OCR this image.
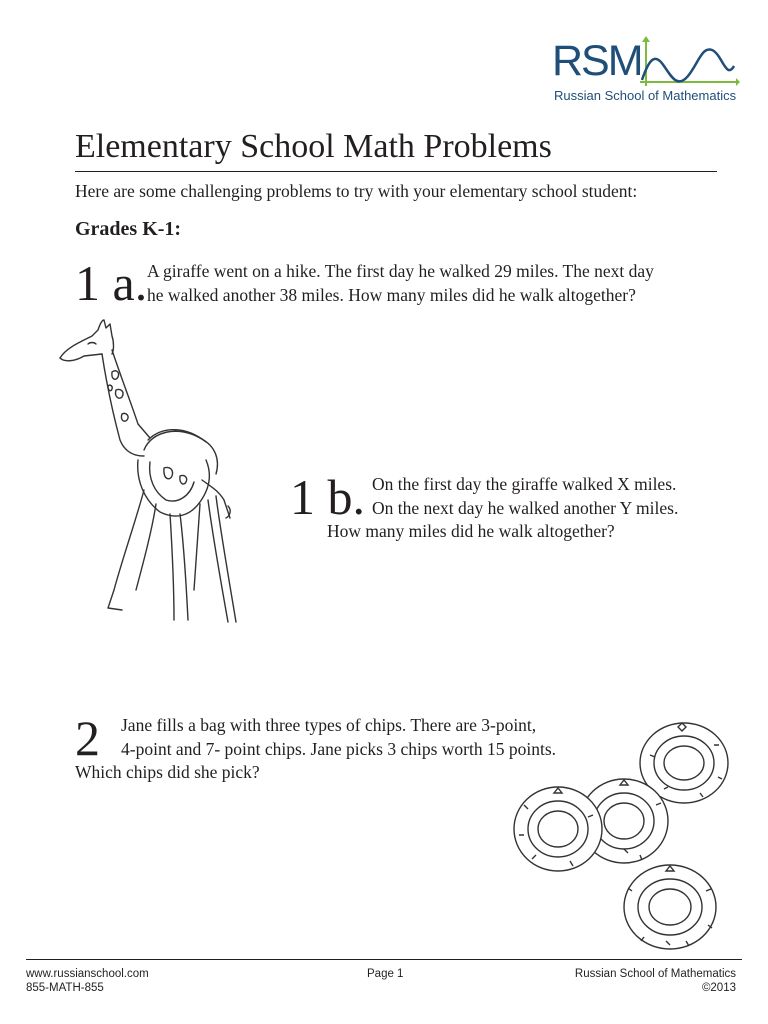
RSM
Russian School of Mathematics
Elementary School Math Problems
Here are some challenging problems to try with your elementary school student:
Grades K-1:
1 a. A giraffe went on a hike. The first day he walked 29 miles. The next day
he walked another 38 miles. How many miles did he walk altogether?
1 b. On the first day the giraffe walked X miles.
On the next day he walked another Y miles.
How many miles did he walk altogether?
2	Jane fills a bag with three types of chips. There are 3-point,
4-point and 7- point chips. Jane picks 3 chips worth 15 points.
Which chips did she pick?
www.russianschool.com
855-MATH-855
Page 1	Russian School of Mathematics
©2013
